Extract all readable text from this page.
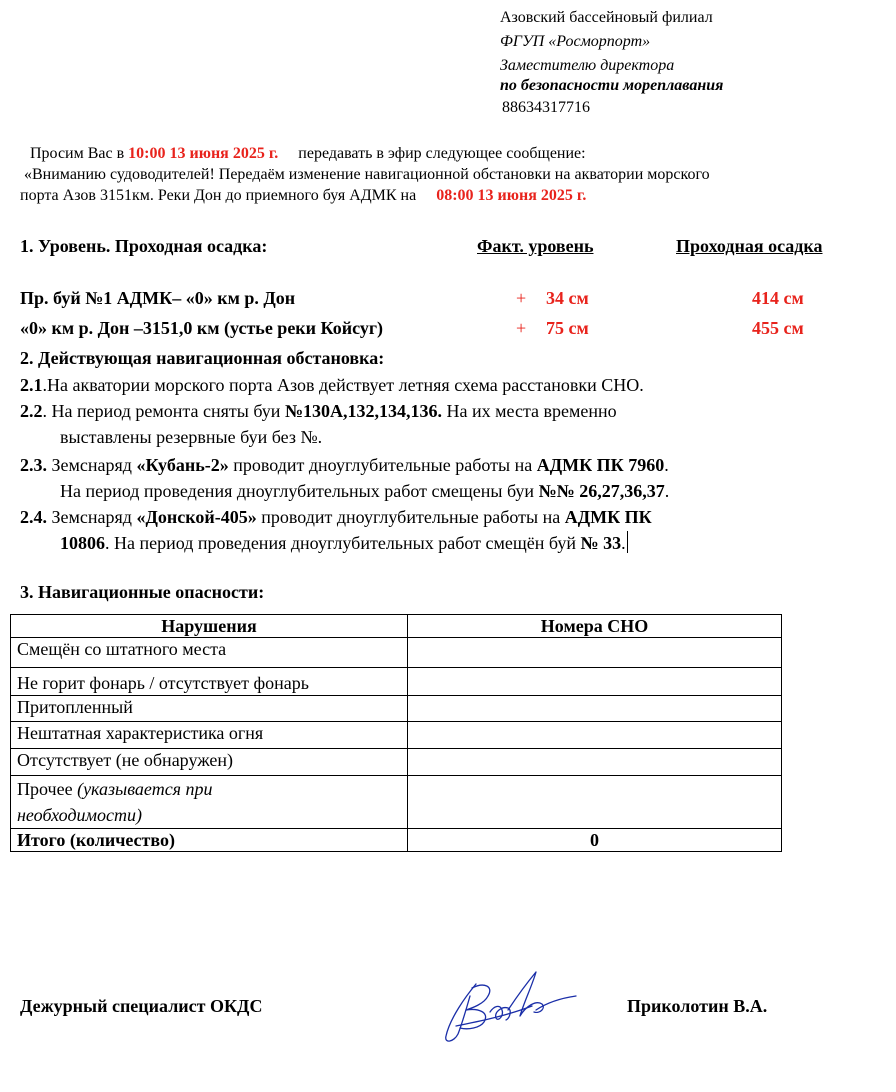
Азовский бассейновый филиал
ФГУП «Росморпорт»
Заместителю директора
по безопасности мореплавания
88634317716
Просим Вас в 10:00 13 июня 2025 г. передавать в эфир следующее сообщение:
«Вниманию судоводителей! Передаём изменение навигационной обстановки на акватории морского
порта Азов 3151км. Реки Дон до приемного буя АДМК на 08:00 13 июня 2025 г.
1. Уровень. Проходная осадка:	Факт. уровень	Проходная осадка
Пр. буй №1 АДМК– «0» км р. Дон	+ 34 см	414 см
«0» км р. Дон –3151,0 км (устье реки Койсуг)	+ 75 см	455 см
2. Действующая навигационная обстановка:
2.1.На акватории морского порта Азов действует летняя схема расстановки СНО.
2.2. На период ремонта сняты буи №130А,132,134,136. На их места временно
выставлены резервные буи без №.
2.3. Земснаряд «Кубань-2» проводит дноуглубительные работы на АДМК ПК 7960.
На период проведения дноуглубительных работ смещены буи №№ 26,27,36,37.
2.4. Земснаряд «Донской-405» проводит дноуглубительные работы на АДМК ПК
10806. На период проведения дноуглубительных работ смещён буй № 33.
3. Навигационные опасности:
Нарушения	Номера СНО
Смещён со штатного места	
Не горит фонарь / отсутствует фонарь	
Притопленный	
Нештатная характеристика огня	
Отсутствует (не обнаружен)	
Прочее (указывается при
необходимости)	
Итого (количество)	0
Дежурный специалист ОКДС	Приколотин В.А.
